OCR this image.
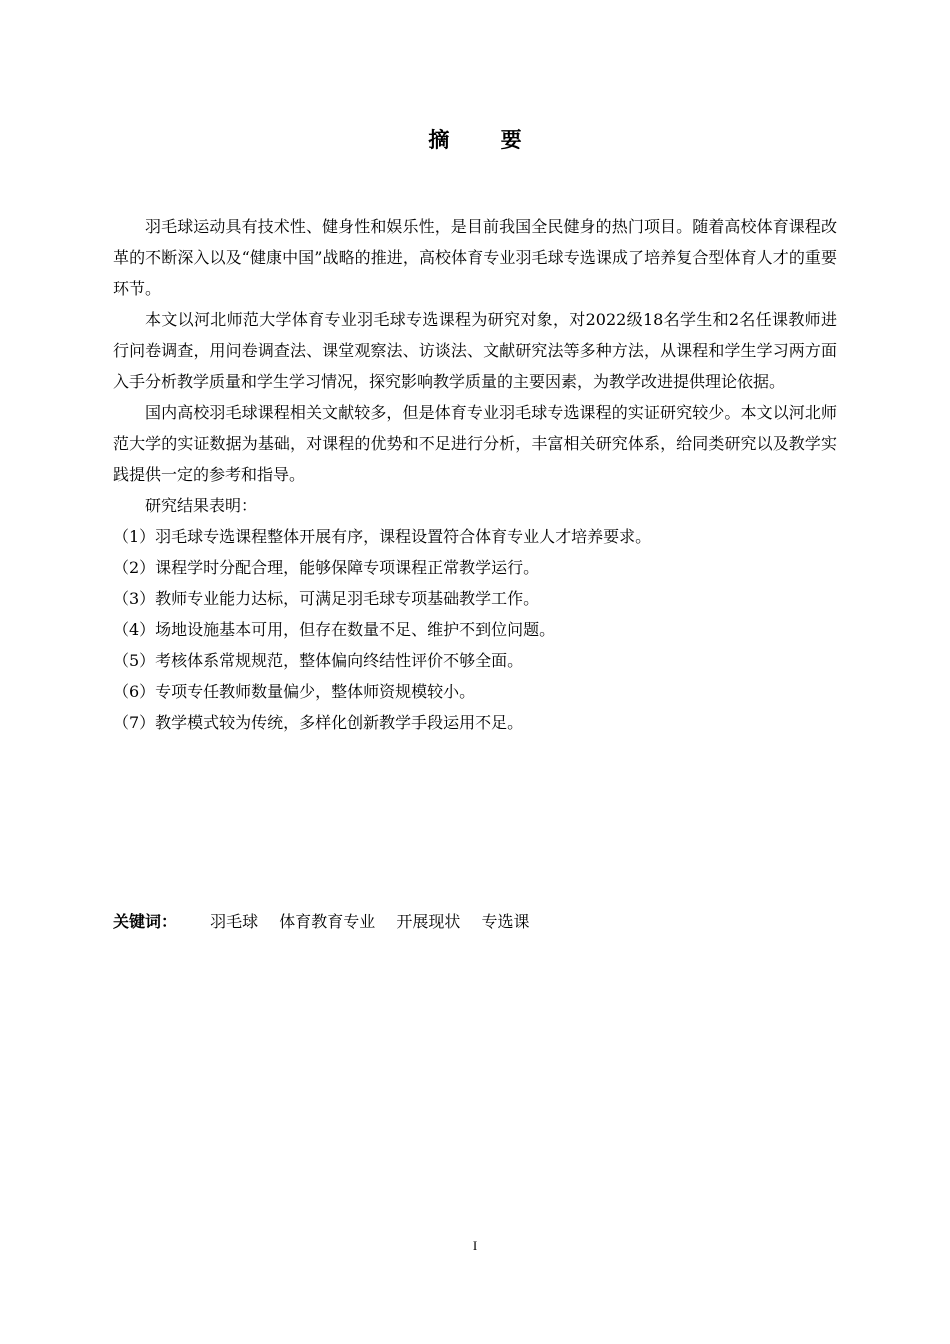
摘 要

羽毛球运动具有技术性、健身性和娱乐性，是目前我国全民健身的热门项目。随着高校体育课程改革的不断深入以及“健康中国”战略的推进，高校体育专业羽毛球专选课成了培养复合型体育人才的重要环节。

本文以河北师范大学体育专业羽毛球专选课程为研究对象，对2022级18名学生和2名任课教师进行问卷调查，用问卷调查法、课堂观察法、访谈法、文献研究法等多种方法，从课程和学生学习两方面入手分析教学质量和学生学习情况，探究影响教学质量的主要因素，为教学改进提供理论依据。

国内高校羽毛球课程相关文献较多，但是体育专业羽毛球专选课程的实证研究较少。本文以河北师范大学的实证数据为基础，对课程的优势和不足进行分析，丰富相关研究体系，给同类研究以及教学实践提供一定的参考和指导。

研究结果表明：

（1）羽毛球专选课程整体开展有序，课程设置符合体育专业人才培养要求。

（2）课程学时分配合理，能够保障专项课程正常教学运行。

（3）教师专业能力达标，可满足羽毛球专项基础教学工作。

（4）场地设施基本可用，但存在数量不足、维护不到位问题。

（5）考核体系常规规范，整体偏向终结性评价不够全面。

（6）专项专任教师数量偏少，整体师资规模较小。

（7）教学模式较为传统，多样化创新教学手段运用不足。

关键词： 羽毛球 体育教育专业 开展现状 专选课
I
